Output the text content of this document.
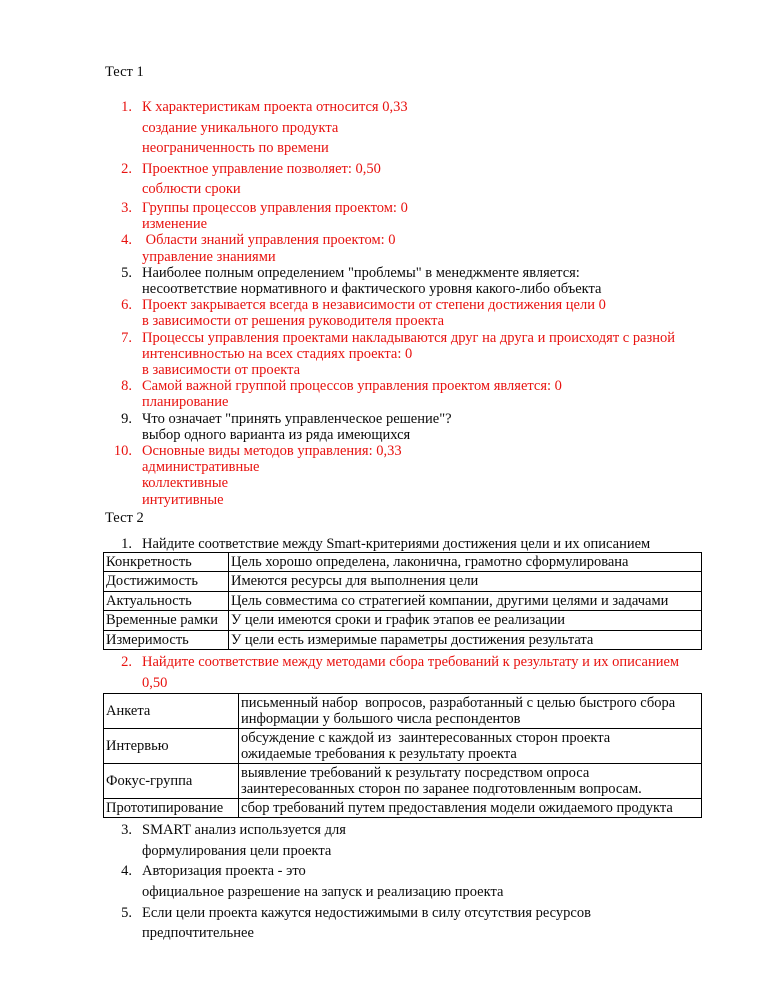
Тест 1
1. К характеристикам проекта относится 0,33
создание уникального продукта
неограниченность по времени
2. Проектное управление позволяет: 0,50
соблюсти сроки
3. Группы процессов управления проектом: 0
изменение
4. Области знаний управления проектом: 0
управление знаниями
5. Наиболее полным определением "проблемы" в менеджменте является:
несоответствие нормативного и фактического уровня какого-либо объекта
6. Проект закрывается всегда в независимости от степени достижения цели 0
в зависимости от решения руководителя проекта
7. Процессы управления проектами накладываются друг на друга и происходят с разной
интенсивностью на всех стадиях проекта: 0
в зависимости от проекта
8. Самой важной группой процессов управления проектом является: 0
планирование
9. Что означает "принять управленческое решение"?
выбор одного варианта из ряда имеющихся
10. Основные виды методов управления: 0,33
административные
коллективные
интуитивные
Тест 2
1. Найдите соответствие между Smart-критериями достижения цели и их описанием
Конкретность	Цель хорошо определена, лаконична, грамотно сформулирована

Достижимость	Имеются ресурсы для выполнения цели

Актуальность	Цель совместима со стратегией компании, другими целями и задачами

Временные рамки	У цели имеются сроки и график этапов ее реализации

Измеримость	У цели есть измеримые параметры достижения результата
2. Найдите соответствие между методами сбора требований к результату и их описанием
0,50
Анкета	письменный набор  вопросов, разработанный с целью быстрого сбора
информации у большого числа респондентов

Интервью	обсуждение с каждой из  заинтересованных сторон проекта
ожидаемые требования к результату проекта

Фокус-группа	выявление требований к результату посредством опроса
заинтересованных сторон по заранее подготовленным вопросам.

Прототипирование	сбор требований путем предоставления модели ожидаемого продукта
3. SMART анализ используется для
формулирования цели проекта
4. Авторизация проекта - это
официальное разрешение на запуск и реализацию проекта
5. Если цели проекта кажутся недостижимыми в силу отсутствия ресурсов
предпочтительнее
